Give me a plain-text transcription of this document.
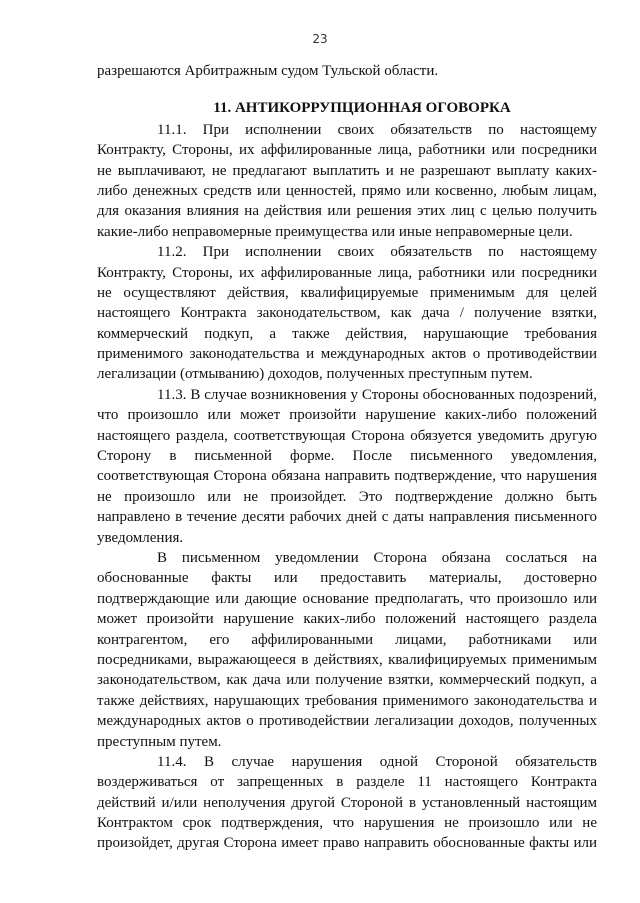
23
разрешаются Арбитражным судом Тульской области.
11. АНТИКОРРУПЦИОННАЯ ОГОВОРКА
11.1. При исполнении своих обязательств по настоящему
Контракту, Стороны, их аффилированные лица, работники или посредники
не выплачивают, не предлагают выплатить и не разрешают выплату каких-
либо денежных средств или ценностей, прямо или косвенно, любым лицам,
для оказания влияния на действия или решения этих лиц с целью получить
какие-либо неправомерные преимущества или иные неправомерные цели.
11.2. При исполнении своих обязательств по настоящему
Контракту, Стороны, их аффилированные лица, работники или посредники
не осуществляют действия, квалифицируемые применимым для целей
настоящего Контракта законодательством, как дача / получение взятки,
коммерческий подкуп, а также действия, нарушающие требования
применимого законодательства и международных актов о противодействии
легализации (отмыванию) доходов, полученных преступным путем.
11.3. В случае возникновения у Стороны обоснованных подозрений,
что произошло или может произойти нарушение каких-либо положений
настоящего раздела, соответствующая Сторона обязуется уведомить другую
Сторону в письменной форме. После письменного уведомления,
соответствующая Сторона обязана направить подтверждение, что нарушения
не произошло или не произойдет. Это подтверждение должно быть
направлено в течение десяти рабочих дней с даты направления письменного
уведомления.
В письменном уведомлении Сторона обязана сослаться на
обоснованные факты или предоставить материалы, достоверно
подтверждающие или дающие основание предполагать, что произошло или
может произойти нарушение каких-либо положений настоящего раздела
контрагентом, его аффилированными лицами, работниками или
посредниками, выражающееся в действиях, квалифицируемых применимым
законодательством, как дача или получение взятки, коммерческий подкуп, а
также действиях, нарушающих требования применимого законодательства и
международных актов о противодействии легализации доходов, полученных
преступным путем.
11.4. В случае нарушения одной Стороной обязательств
воздерживаться от запрещенных в разделе 11 настоящего Контракта
действий и/или неполучения другой Стороной в установленный настоящим
Контрактом срок подтверждения, что нарушения не произошло или не
произойдет, другая Сторона имеет право направить обоснованные факты или
